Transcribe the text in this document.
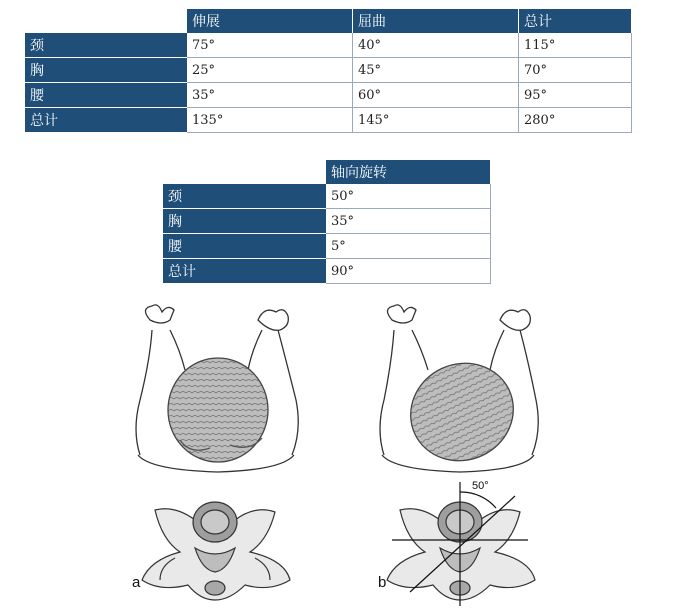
	伸展	屈曲	总计
颈	75°	40°	115°
胸	25°	45°	70°
腰	35°	60°	95°
总计	135°	145°	280°
	轴向旋转
颈	50°
胸	35°
腰	5°
总计	90°
50°
a	b
